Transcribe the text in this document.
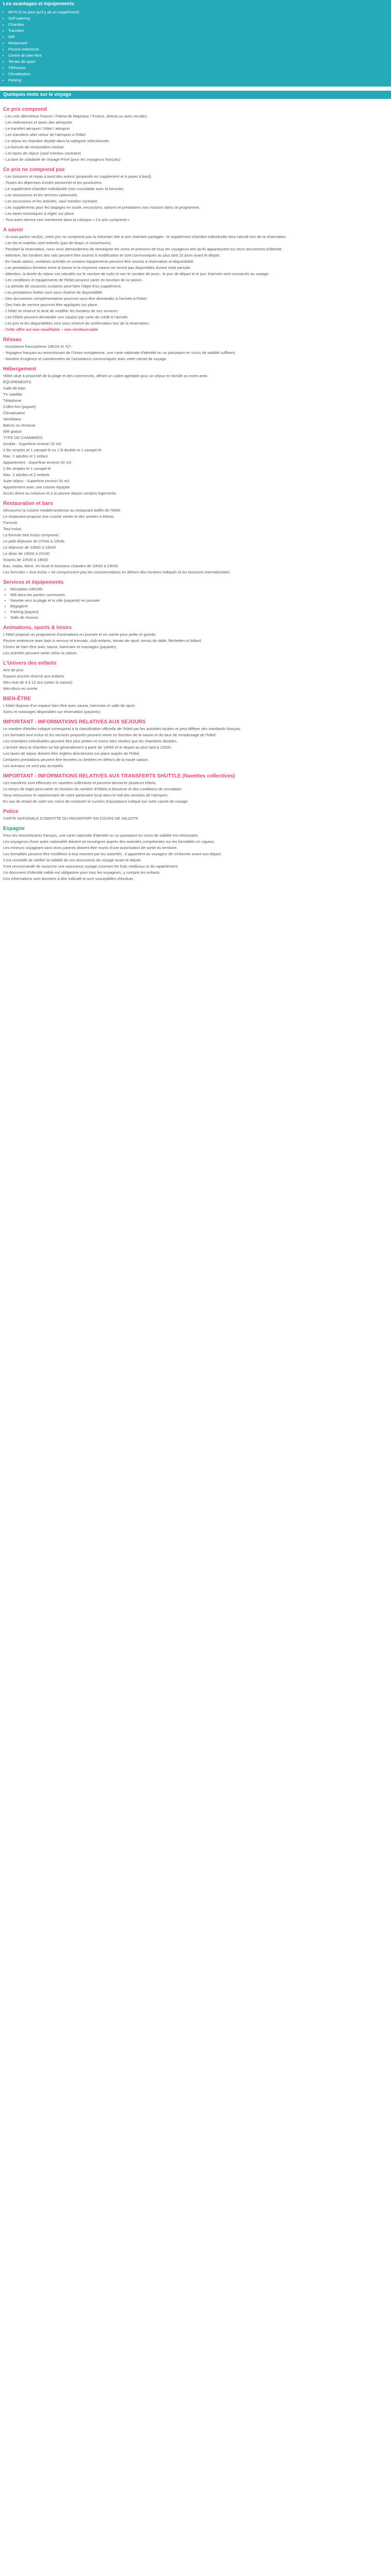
Les avantages et équipements
• Wi-Fi (Il se peut qu'il y ait un supplément)
• Self-catering
• Chambre
• Transfert
• Wifi
• Restaurant
• Piscine extérieure
• Centre de bien-être
• Terrain de sport
• Télévision
• Climatisation
• Parking
Quelques mots sur le voyage
Ce prix comprend

- Les vols aller/retour France / Palma de Majorque / France, directs ou avec escales

- Les redevances et taxes des aéroports

- Le transfert aéroport / hôtel / aéroport

- Les transferts aller-retour de l'aéroport à l'hôtel

- Le séjour en chambre double dans la catégorie sélectionnée

- La formule de restauration choisie

- Les taxes de séjour (sauf mention contraire)

- La taxe de solidarité de Voyage Privé (pour les voyageurs français)

Ce prix ne comprend pas

- Les boissons et repas à bord des avions (proposés en supplément et à payer à bord).

- Toutes les dépenses d'ordre personnel et les pourboires.

- Le supplément chambre individuelle (non cumulable avec la formule).

- Les assurances et les services optionnels.

- Les excursions et les activités, sauf mention contraire.

- Les suppléments pour les bagages en soute, excursions, options et prestations non incluses dans ce programme.

- Les taxes touristiques à régler sur place.

- Tout autre service non mentionné dans la rubrique « Ce prix comprend »

A savoir

- Si vous partez seul(e), votre prix ne comprend pas la réduction liée à une chambre partagée ; le supplément chambre individuelle sera calculé lors de la réservation.

- Les lits et matelas sont enlevés (pas de draps ni couvertures).

- Pendant la réservation, nous vous demanderons de renseigner les noms et prénoms de tous les voyageurs tels qu'ils apparaissent sur leurs documents d'identité.

- Attention, les horaires des vols peuvent être soumis à modification et sont communiqués au plus tard 10 jours avant le départ.

- En haute saison, certaines activités et certains équipements peuvent être soumis à réservation et disponibilité.

- Les prestations fermées entre la basse et la moyenne saison ne seront pas disponibles durant cette période.

- Attention, la durée du séjour est calculée sur le nombre de nuits et non le nombre de jours ; le jour de départ et le jour d'arrivée sont consacrés au voyage.

- Les conditions et équipements de l'hôtel peuvent varier en fonction de la saison.

- La période de vacances scolaires peut faire l'objet d'un supplément.

- Les prestations listées sont sous réserve de disponibilité.

- Des documents complémentaires pourront vous être demandés à l'arrivée à l'hôtel.

- Des frais de service pourront être appliqués sur place.

- L'hôtel se réserve le droit de modifier les horaires de ses services.

- Les hôtels peuvent demander une caution par carte de crédit à l'arrivée.

- Les prix et les disponibilités sont sous réserve de confirmation lors de la réservation.

- Cette offre est non modifiable – non remboursable

Réseau

- Assistance francophone 24h/24 et 7j/7.

- Voyageur français ou ressortissant de l'Union européenne, une carte nationale d'identité ou un passeport en cours de validité suffisent.

- Numéro d'urgence et coordonnées de l'assistance communiqués avec votre carnet de voyage.

Hébergement

Hôtel situé à proximité de la plage et des commerces, offrant un cadre agréable pour un séjour en famille ou entre amis.

ÉQUIPEMENTS

Salle de bain

TV satellite

Téléphone

Coffre-fort (payant)

Climatisation

Ventilateur

Balcon ou terrasse

Wifi gratuit

TYPE DE CHAMBRES

Double : Superficie environ 32 m2

2 lits simples et 1 canapé-lit ou 1 lit double et 1 canapé-lit

Max. 2 adultes et 1 enfant

Appartement : Superficie environ 42 m2

2 lits simples et 1 canapé-lit

Max. 2 adultes et 2 enfants

Suite séjour : Superficie environ 50 m2

Appartement avec une cuisine équipée

Accès direct au solarium et à la piscine depuis certains logements.

Restauration et bars

Découvrez la cuisine méditerranéenne au restaurant buffet de l'hôtel.

Le restaurant propose une cuisine variée et des soirées à thème.

Formule

Tout inclus

La formule tout inclus comprend :

Le petit-déjeuner de 07h00 à 10h30

Le déjeuner de 13h00 à 15h00

Le dîner de 19h00 à 21h30

Snacks de 10h30 à 18h00

Eau, sodas, bière, vin local et boissons chaudes de 10h00 à 23h00

Les formules « tout inclus » ne comprennent pas les consommations en dehors des horaires indiqués et les boissons internationales.

Services et équipements
• Réception 24h/24h
• Wifi dans les parties communes
• Navette vers la plage et la ville (payante) en journée
• Bagagerie
• Parking (payant)
• Salle de réunion
Animations, sports & loisirs

L'hôtel propose un programme d'animations en journée et en soirée pour petits et grands.

Piscine extérieure avec bain à remous et transats, club enfants, terrain de sport, tennis de table, fléchettes et billard.

Centre de bien-être avec sauna, hammam et massages (payants).

Les activités peuvent varier selon la saison.

L'Univers des enfants

Aire de jeux

Espace piscine réservé aux enfants

Mini-club de 4 à 12 ans (selon la saison)

Mini-disco en soirée

BIEN-ÊTRE

L'hôtel dispose d'un espace bien-être avec sauna, hammam et salle de sport.

Soins et massages disponibles sur réservation (payants).

IMPORTANT - INFORMATIONS RELATIVES AUX SEJOURS

Le nombre d'étoiles indiqué correspond à la classification officielle de l'hôtel par les autorités locales et peut différer des standards français.

Les formules tout inclus et les services proposés peuvent varier en fonction de la saison et du taux de remplissage de l'hôtel.

Les chambres individuelles peuvent être plus petites et moins bien situées que les chambres doubles.

L'arrivée dans la chambre se fait généralement à partir de 14h00 et le départ au plus tard à 12h00.

Les taxes de séjour doivent être réglées directement sur place auprès de l'hôtel.

Certaines prestations peuvent être fermées ou limitées en dehors de la haute saison.

Les animaux ne sont pas acceptés.

IMPORTANT - INFORMATIONS RELATIVES AUX TRANSFERTS SHUTTLE (Navettes collectives)

Les transferts sont effectués en navettes collectives et peuvent desservir plusieurs hôtels.

Le temps de trajet peut varier en fonction du nombre d'hôtels à desservir et des conditions de circulation.

Vous retrouverez le représentant de notre partenaire local dans le hall des arrivées de l'aéroport.

En cas de retard de votre vol, merci de contacter le numéro d'assistance indiqué sur votre carnet de voyage.

Police

CARTE NATIONALE D'IDENTITE OU PASSEPORT EN COURS DE VALIDITE

Espagne

Pour les ressortissants français, une carte nationale d'identité ou un passeport en cours de validité est nécessaire.

Les voyageurs d'une autre nationalité doivent se renseigner auprès des autorités compétentes sur les formalités en vigueur.

Les mineurs voyageant sans leurs parents doivent être munis d'une autorisation de sortie du territoire.

Les formalités peuvent être modifiées à tout moment par les autorités ; il appartient au voyageur de s'informer avant son départ.

Il est conseillé de vérifier la validité de vos documents de voyage avant le départ.

Il est recommandé de souscrire une assurance voyage couvrant les frais médicaux et de rapatriement.

Un document d'identité valide est obligatoire pour tous les voyageurs, y compris les enfants.

Ces informations sont données à titre indicatif et sont susceptibles d'évoluer.
